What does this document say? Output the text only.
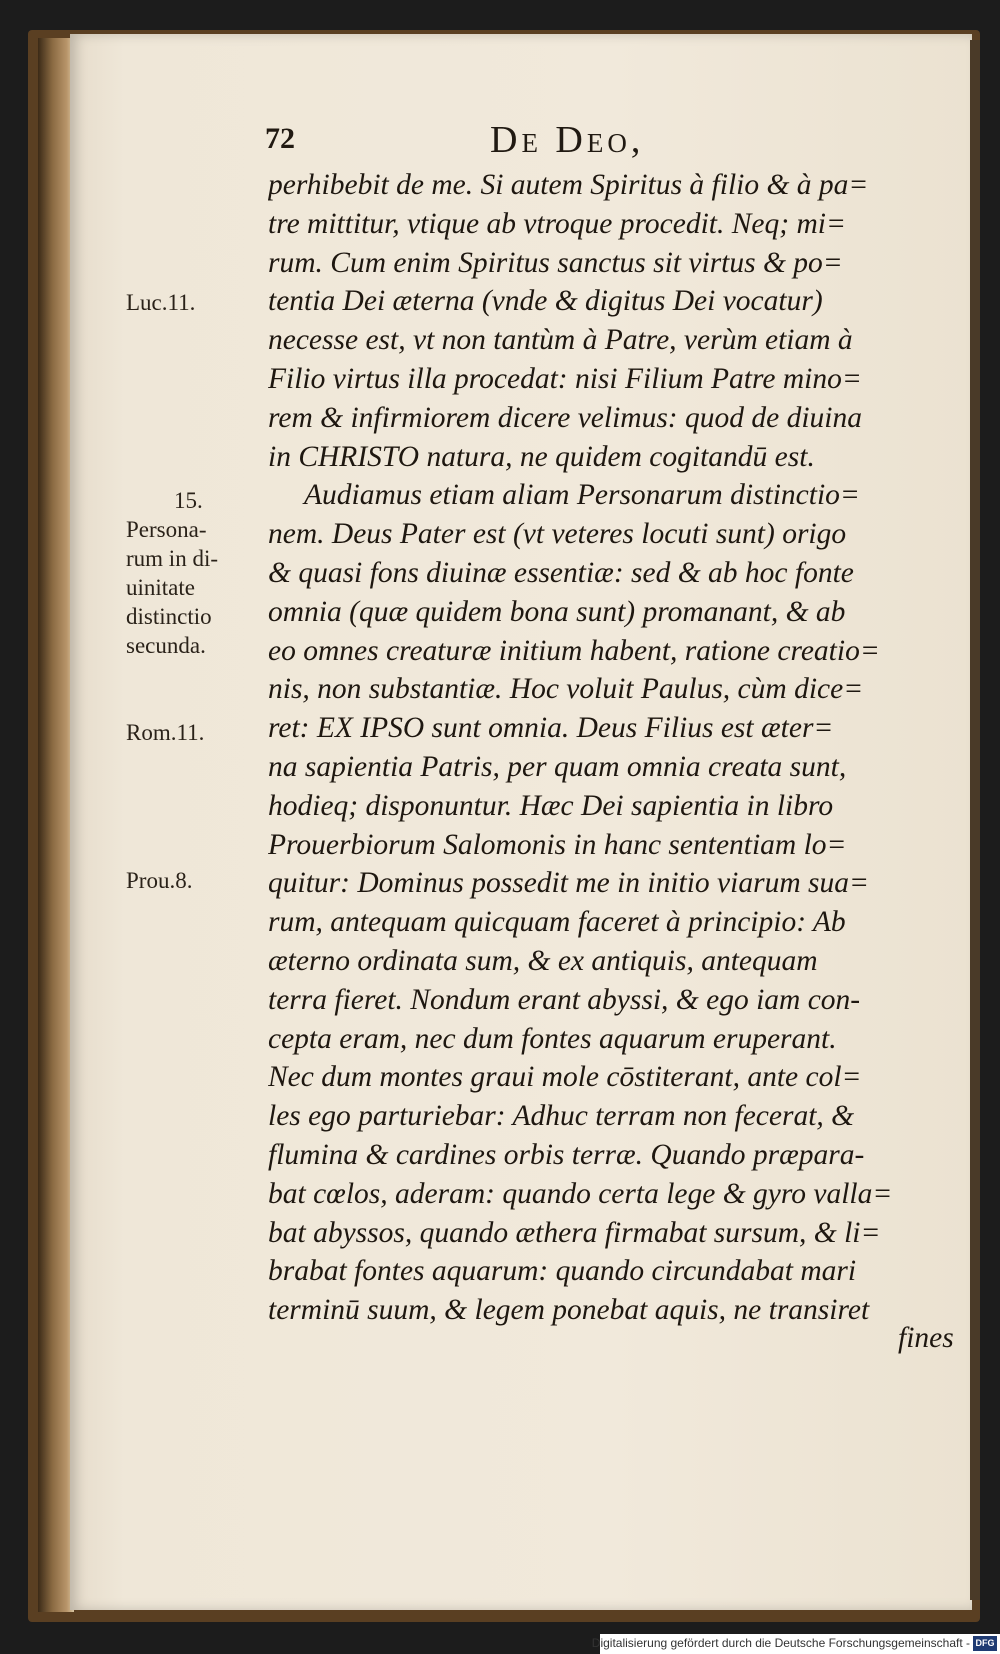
72	De Deo,
perhibebit de me. Si autem Spiritus à filio & à pa=
tre mittitur, vtique ab vtroque procedit. Neq; mi=
rum. Cum enim Spiritus sanctus sit virtus & po=
tentia Dei æterna (vnde & digitus Dei vocatur)
necesse est, vt non tantùm à Patre, verùm etiam à
Filio virtus illa procedat: nisi Filium Patre mino=
rem & infirmiorem dicere velimus: quod de diuina
in CHRISTO natura, ne quidem cogitandū est.
Audiamus etiam aliam Personarum distinctio=
nem. Deus Pater est (vt veteres locuti sunt) origo
& quasi fons diuinæ essentiæ: sed & ab hoc fonte
omnia (quæ quidem bona sunt) promanant, & ab
eo omnes creaturæ initium habent, ratione creatio=
nis, non substantiæ. Hoc voluit Paulus, cùm dice=
ret: EX IPSO sunt omnia. Deus Filius est æter=
na sapientia Patris, per quam omnia creata sunt,
hodieq; disponuntur. Hæc Dei sapientia in libro
Prouerbiorum Salomonis in hanc sententiam lo=
quitur: Dominus possedit me in initio viarum sua=
rum, antequam quicquam faceret à principio: Ab
æterno ordinata sum, & ex antiquis, antequam
terra fieret. Nondum erant abyssi, & ego iam con-
cepta eram, nec dum fontes aquarum eruperant.
Nec dum montes graui mole cōstiterant, ante col=
les ego parturiebar: Adhuc terram non fecerat, &
flumina & cardines orbis terræ. Quando præpara-
bat cœlos, aderam: quando certa lege & gyro valla=
bat abyssos, quando æthera firmabat sursum, & li=
brabat fontes aquarum: quando circundabat mari
terminū suum, & legem ponebat aquis, ne transiret
fines
Luc.11.
15.
Persona-
rum in di-
uinitate
distinctio
secunda.
Rom.11.
Prou.8.
Digitalisierung gefördert durch die Deutsche Forschungsgemeinschaft - DFG
